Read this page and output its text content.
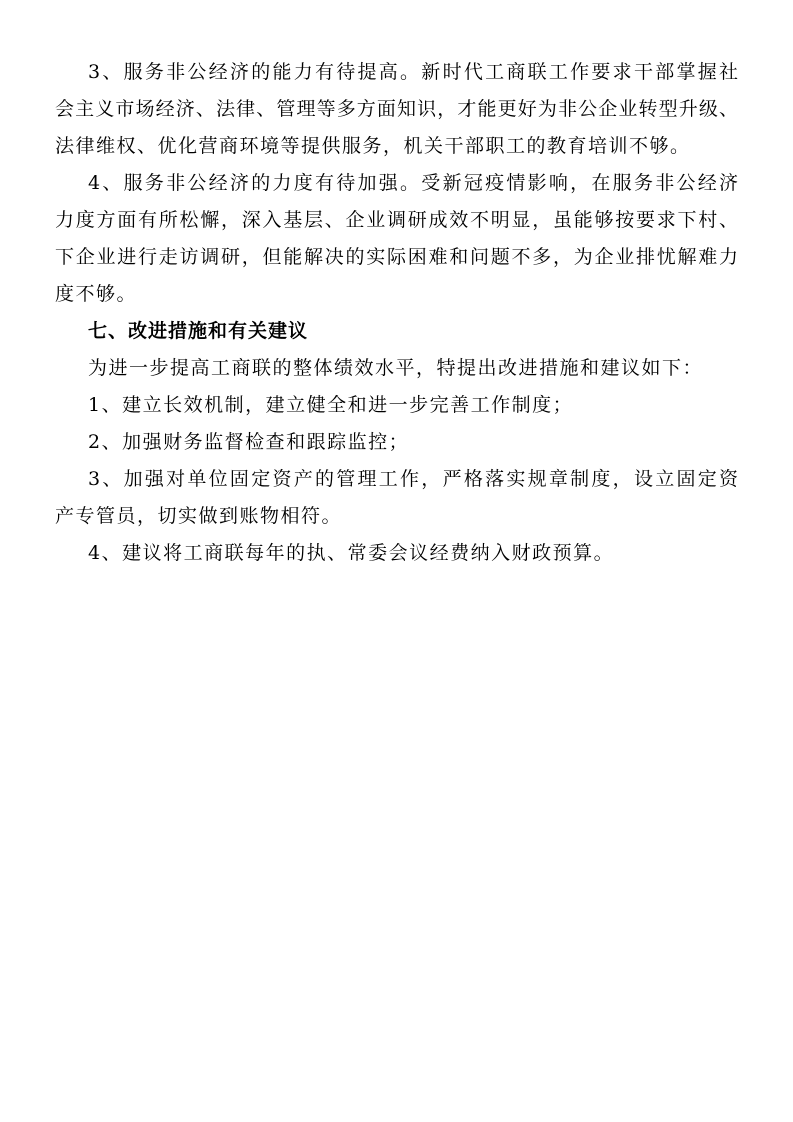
3、服务非公经济的能力有待提高。新时代工商联工作要求干部掌握社
会主义市场经济、法律、管理等多方面知识，才能更好为非公企业转型升级、
法律维权、优化营商环境等提供服务，机关干部职工的教育培训不够。
4、服务非公经济的力度有待加强。受新冠疫情影响，在服务非公经济
力度方面有所松懈，深入基层、企业调研成效不明显，虽能够按要求下村、
下企业进行走访调研，但能解决的实际困难和问题不多，为企业排忧解难力
度不够。
七、改进措施和有关建议
为进一步提高工商联的整体绩效水平，特提出改进措施和建议如下：
1、建立长效机制，建立健全和进一步完善工作制度；
2、加强财务监督检查和跟踪监控；
3、加强对单位固定资产的管理工作，严格落实规章制度，设立固定资
产专管员，切实做到账物相符。
4、建议将工商联每年的执、常委会议经费纳入财政预算。
